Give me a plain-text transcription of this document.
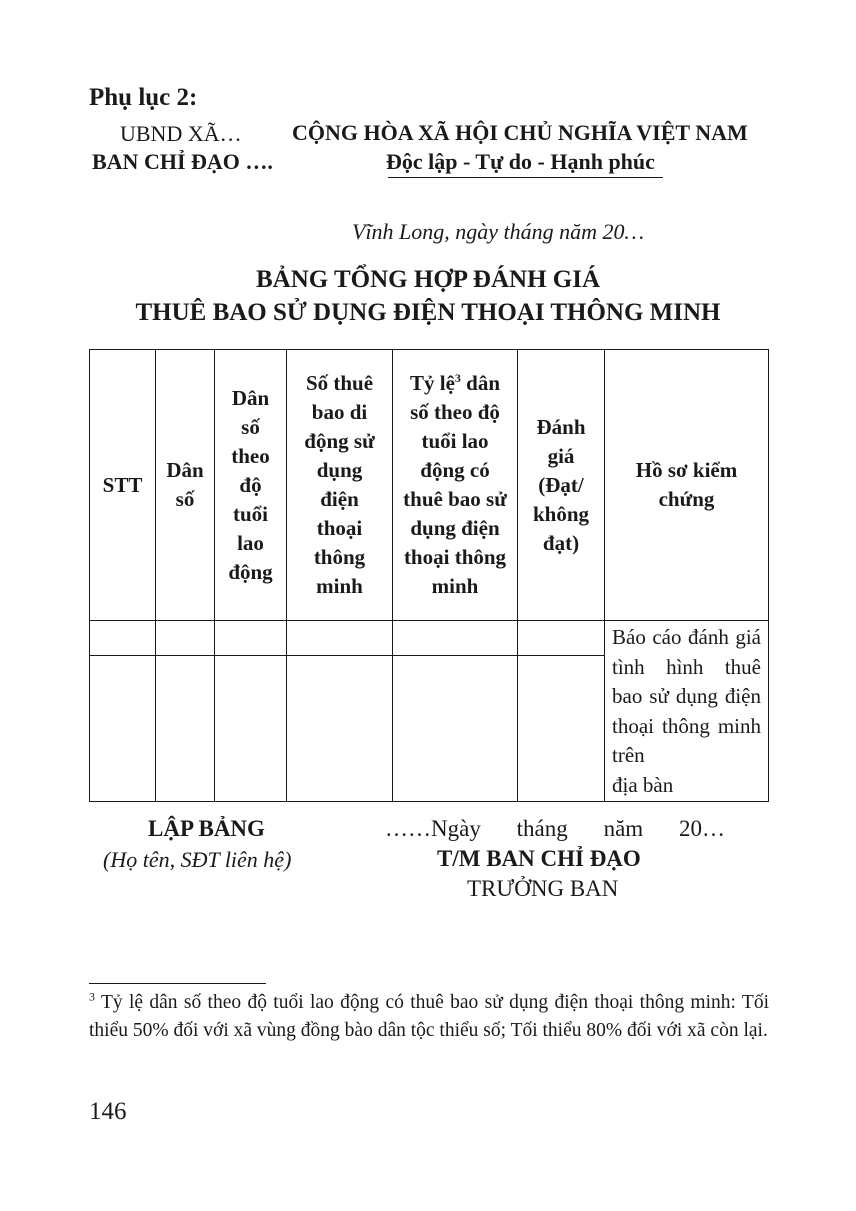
Phụ lục 2:
UBND XÃ…
BAN CHỈ ĐẠO ….
CỘNG HÒA XÃ HỘI CHỦ NGHĨA VIỆT NAM
Độc lập - Tự do - Hạnh phúc
Vĩnh Long, ngày tháng năm 20…
BẢNG TỔNG HỢP ĐÁNH GIÁ
THUÊ BAO SỬ DỤNG ĐIỆN THOẠI THÔNG MINH
STT	Dân số	Dân số theo độ tuổi lao động	Số thuê bao di động sử dụng điện thoại thông minh	Tỷ lệ$^3$ dân số theo độ tuổi lao động có thuê bao sử dụng điện thoại thông minh	Đánh giá (Đạt/ không đạt)	Hồ sơ kiểm chứng
						Báo cáo đánh giá tình hình thuê bao sử dụng điện thoại thông minh trên
địa bàn

LẬP BẢNG
(Họ tên, SĐT liên hệ)
……Ngày tháng năm 20…
T/M BAN CHỈ ĐẠO
TRƯỞNG BAN
$^3$ Tỷ lệ dân số theo độ tuổi lao động có thuê bao sử dụng điện thoại thông minh: Tối thiểu 50% đối với xã vùng đồng bào dân tộc thiểu số; Tối thiểu 80% đối với xã còn lại.
146
